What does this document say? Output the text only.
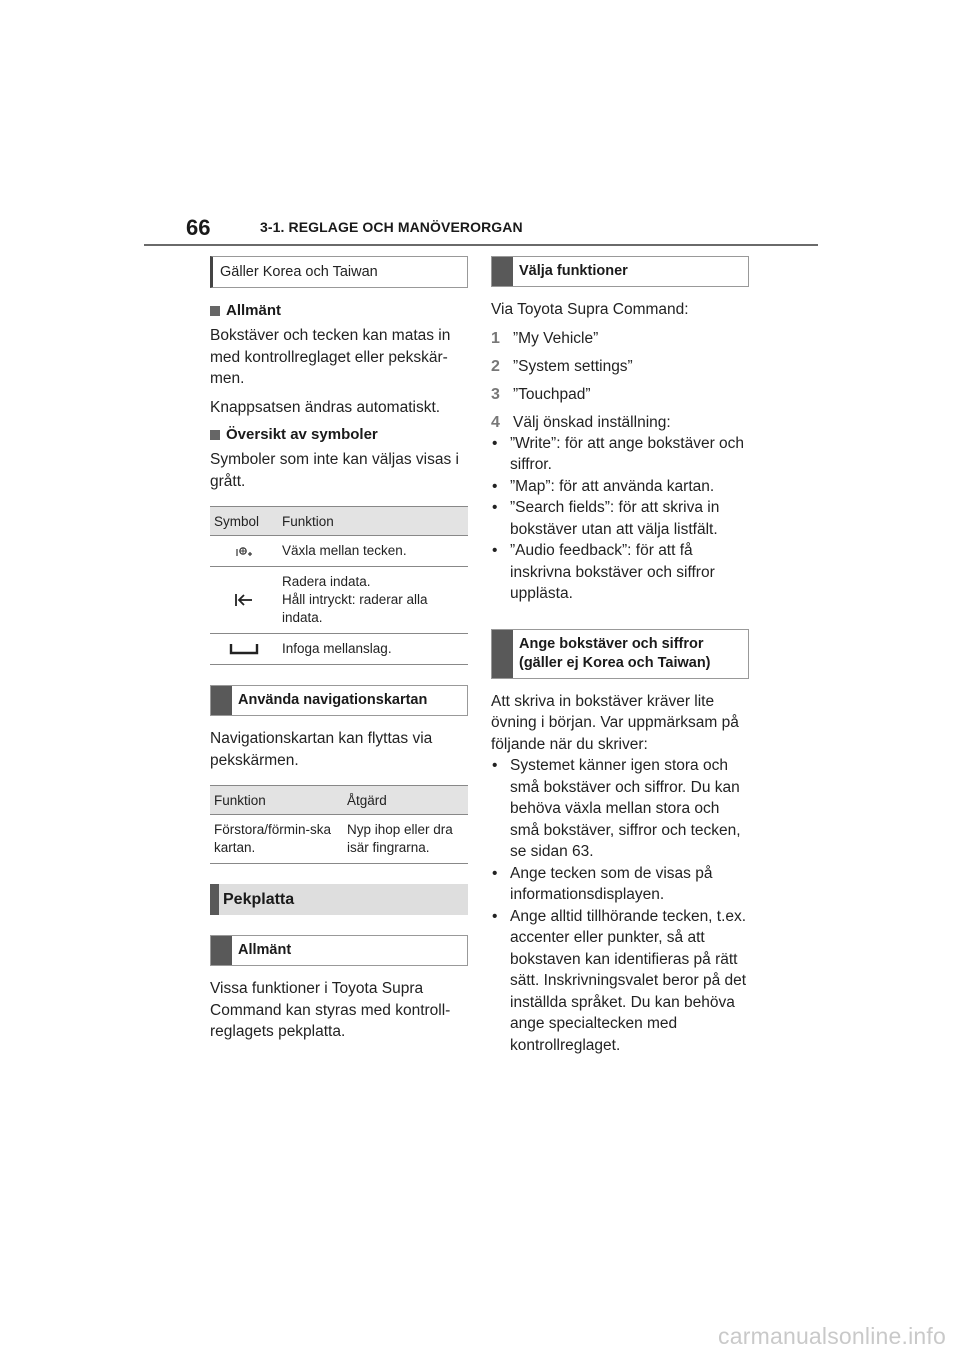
66	3-1. REGLAGE OCH MANÖVERORGAN
Gäller Korea och Taiwan
Allmänt

Bokstäver och tecken kan matas in med kontrollreglaget eller pekskär-men.

Knappsatsen ändras automatiskt.

Översikt av symboler

Symboler som inte kan väljas visas i grått.

Symbol	Funktion

	Växla mellan tecken.

	Radera indata.
Håll intryckt: raderar alla indata.

	Infoga mellanslag.
Använda navigationskartan

Navigationskartan kan flyttas via pekskärmen.

Funktion	Åtgärd
Förstora/förmin-ska kartan.	Nyp ihop eller dra isär fingrarna.
Pekplatta
Allmänt

Vissa funktioner i Toyota Supra Command kan styras med kontroll-reglagets pekplatta.

Välja funktioner

Via Toyota Supra Command:

1 ”My Vehicle”
2 ”System settings”
3 ”Touchpad”
4 Välj önskad inställning:
• ”Write”: för att ange bokstäver och siffror.
• ”Map”: för att använda kartan.
• ”Search fields”: för att skriva in bokstäver utan att välja listfält.
• ”Audio feedback”: för att få inskrivna bokstäver och siffror upplästa.
Ange bokstäver och siffror (gäller ej Korea och Taiwan)

Att skriva in bokstäver kräver lite övning i början. Var uppmärksam på följande när du skriver:

• Systemet känner igen stora och små bokstäver och siffror. Du kan behöva växla mellan stora och små bokstäver, siffror och tecken, se sidan 63.
• Ange tecken som de visas på informationsdisplayen.
• Ange alltid tillhörande tecken, t.ex. accenter eller punkter, så att bokstaven kan identifieras på rätt sätt. Inskrivningsvalet beror på det inställda språket. Du kan behöva ange specialtecken med kontrollreglaget.
carmanualsonline.info
